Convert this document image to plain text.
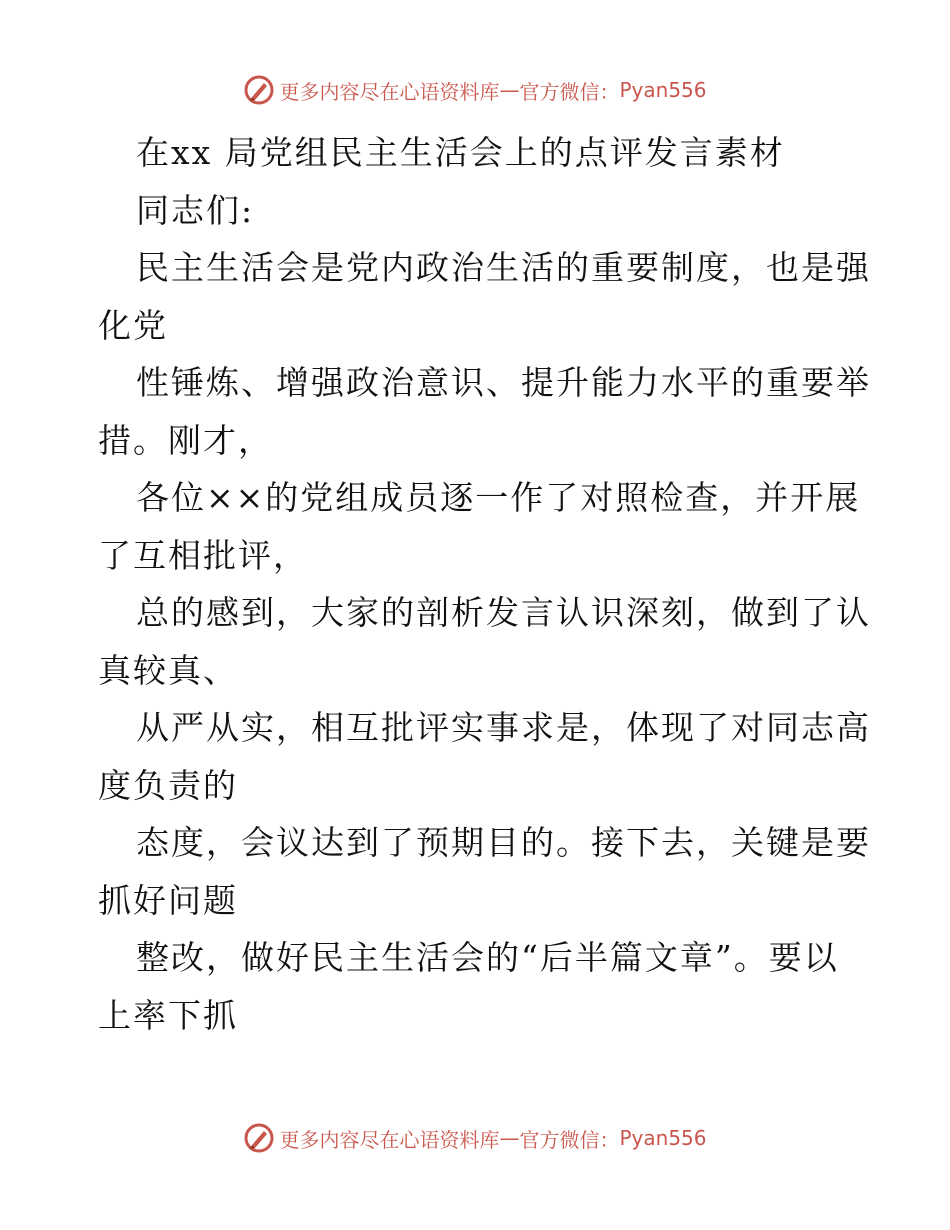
更多内容尽在心语资料库 — 官方微信： Pyan556
在xx 局党组民主生活会上的点评发言素材
同志们:
民主生活会是党内政治生活的重要制度，也是强
化党
性锤炼、增强政治意识、提升能力水平的重要举
措。刚才，
各位××的党组成员逐一作了对照检查，并开展
了互相批评，
总的感到，大家的剖析发言认识深刻，做到了认
真较真、
从严从实，相互批评实事求是，体现了对同志高
度负责的
态度，会议达到了预期目的。接下去，关键是要
抓好问题
整改，做好民主生活会的“后半篇文章”。要以
上率下抓
更多内容尽在心语资料库 — 官方微信： Pyan556
